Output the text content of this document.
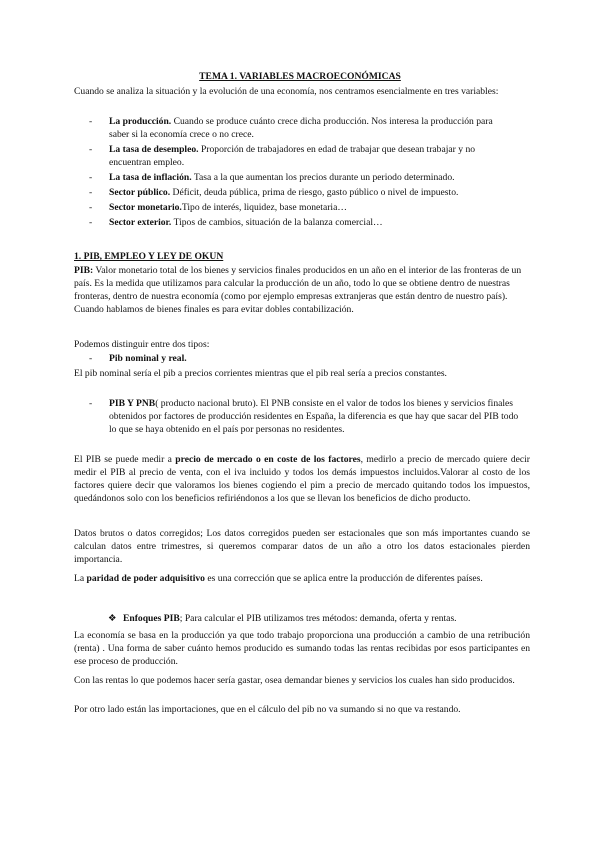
TEMA 1. VARIABLES MACROECONÓMICAS

Cuando se analiza la situación y la evolución de una economía, nos centramos esencialmente en tres variables:

- La producción. Cuando se produce cuánto crece dicha producción. Nos interesa la producción para saber si la economía crece o no crece.
- La tasa de desempleo. Proporción de trabajadores en edad de trabajar que desean trabajar y no encuentran empleo.
- La tasa de inflación. Tasa a la que aumentan los precios durante un periodo determinado.
- Sector público. Déficit, deuda pública, prima de riesgo, gasto público o nivel de impuesto.
- Sector monetario.Tipo de interés, liquidez, base monetaria…
- Sector exterior. Tipos de cambios, situación de la balanza comercial…

1. PIB, EMPLEO Y LEY DE OKUN

PIB: Valor monetario total de los bienes y servicios finales producidos en un año en el interior de las fronteras de un país. Es la medida que utilizamos para calcular la producción de un año, todo lo que se obtiene dentro de nuestras fronteras, dentro de nuestra economía (como por ejemplo empresas extranjeras que están dentro de nuestro país). Cuando hablamos de bienes finales es para evitar dobles contabilización.

Podemos distinguir entre dos tipos:

- Pib nominal y real.

El pib nominal sería el pib a precios corrientes mientras que el pib real sería a precios constantes.

- PIB Y PNB( producto nacional bruto). El PNB consiste en el valor de todos los bienes y servicios finales obtenidos por factores de producción residentes en España, la diferencia es que hay que sacar del PIB todo lo que se haya obtenido en el país por personas no residentes.

El PIB se puede medir a precio de mercado o en coste de los factores, medirlo a precio de mercado quiere decir medir el PIB al precio de venta, con el iva incluido y todos los demás impuestos incluidos.Valorar al costo de los factores quiere decir que valoramos los bienes cogiendo el pim a precio de mercado quitando todos los impuestos, quedándonos solo con los beneficios refiriéndonos a los que se llevan los beneficios de dicho producto.

Datos brutos o datos corregidos; Los datos corregidos pueden ser estacionales que son más importantes cuando se calculan datos entre trimestres, si queremos comparar datos de un año a otro los datos estacionales pierden importancia.

La paridad de poder adquisitivo es una corrección que se aplica entre la producción de diferentes países.

❖ Enfoques PIB; Para calcular el PIB utilizamos tres métodos: demanda, oferta y rentas.

La economía se basa en la producción ya que todo trabajo proporciona una producción a cambio de una retribución (renta) . Una forma de saber cuánto hemos producido es sumando todas las rentas recibidas por esos participantes en ese proceso de producción.

Con las rentas lo que podemos hacer sería gastar, osea demandar bienes y servicios los cuales han sido producidos.

Por otro lado están las importaciones, que en el cálculo del pib no va sumando si no que va restando.
